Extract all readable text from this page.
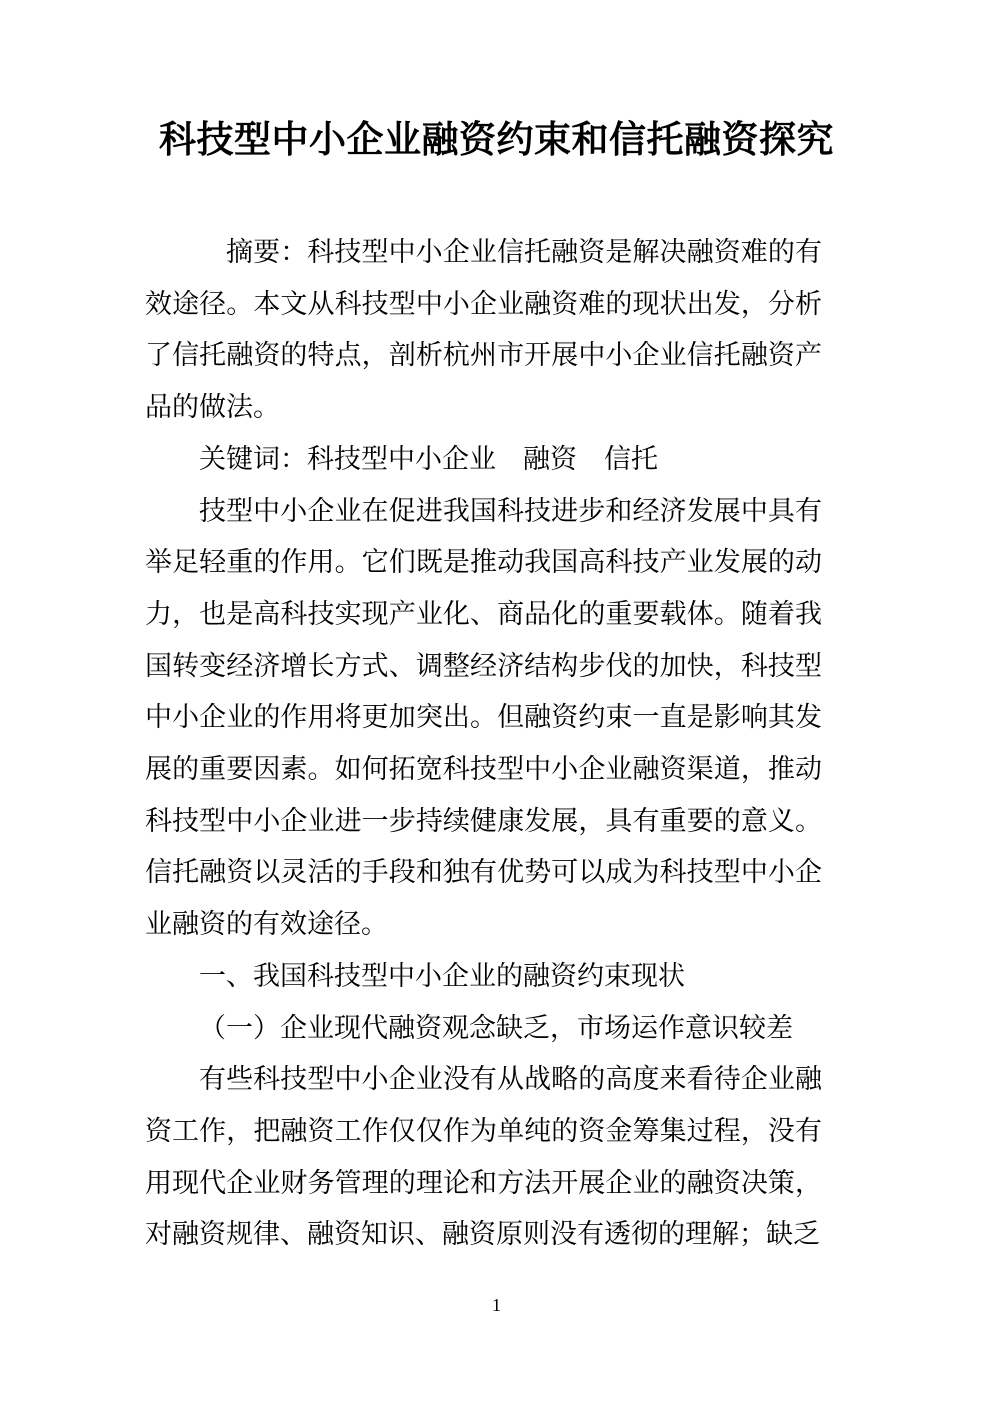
科技型中小企业融资约束和信托融资探究

摘要：科技型中小企业信托融资是解决融资难的有效途径。本文从科技型中小企业融资难的现状出发，分析了信托融资的特点，剖析杭州市开展中小企业信托融资产品的做法。

关键词：科技型中小企业　融资　信托

技型中小企业在促进我国科技进步和经济发展中具有举足轻重的作用。它们既是推动我国高科技产业发展的动力，也是高科技实现产业化、商品化的重要载体。随着我国转变经济增长方式、调整经济结构步伐的加快，科技型中小企业的作用将更加突出。但融资约束一直是影响其发展的重要因素。如何拓宽科技型中小企业融资渠道，推动科技型中小企业进一步持续健康发展，具有重要的意义。信托融资以灵活的手段和独有优势可以成为科技型中小企业融资的有效途径。

一、我国科技型中小企业的融资约束现状

（一）企业现代融资观念缺乏，市场运作意识较差

有些科技型中小企业没有从战略的高度来看待企业融资工作，把融资工作仅仅作为单纯的资金筹集过程，没有用现代企业财务管理的理论和方法开展企业的融资决策，对融资规律、融资知识、融资原则没有透彻的理解；缺乏

1
